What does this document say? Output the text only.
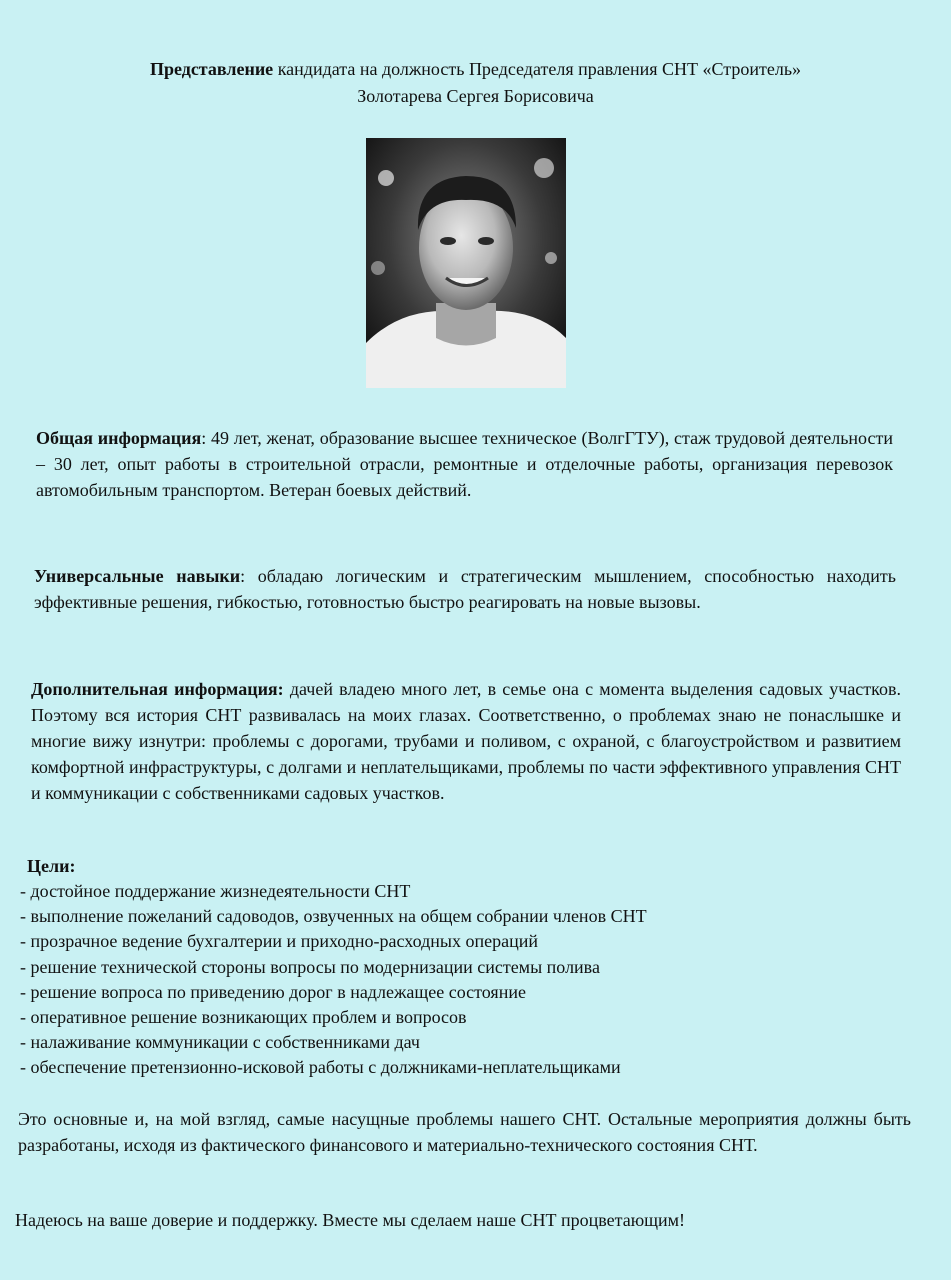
Представление кандидата на должность Председателя правления СНТ «Строитель»
Золотарева Сергея Борисовича

Общая информация: 49 лет, женат, образование высшее техническое (ВолгГТУ), стаж трудовой деятельности – 30 лет, опыт работы в строительной отрасли, ремонтные и отделочные работы, организация перевозок автомобильным транспортом. Ветеран боевых действий.

Универсальные навыки: обладаю логическим и стратегическим мышлением, способностью находить эффективные решения, гибкостью, готовностью быстро реагировать на новые вызовы.

Дополнительная информация: дачей владею много лет, в семье она с момента выделения садовых участков. Поэтому вся история СНТ развивалась на моих глазах. Соответственно, о проблемах знаю не понаслышке и многие вижу изнутри: проблемы с дорогами, трубами и поливом, с охраной, с благоустройством и развитием комфортной инфраструктуры, с долгами и неплательщиками, проблемы по части эффективного управления СНТ и коммуникации с собственниками садовых участков.

Цели:
- достойное поддержание жизнедеятельности СНТ
- выполнение пожеланий садоводов, озвученных на общем собрании членов СНТ
- прозрачное ведение бухгалтерии и приходно-расходных операций
- решение технической стороны вопросы по модернизации системы полива
- решение вопроса по приведению дорог в надлежащее состояние
- оперативное решение возникающих проблем и вопросов
- налаживание коммуникации с собственниками дач
- обеспечение претензионно-исковой работы с должниками-неплательщиками

Это основные и, на мой взгляд, самые насущные проблемы нашего СНТ. Остальные мероприятия должны быть разработаны, исходя из фактического финансового и материально-технического состояния СНТ.

Надеюсь на ваше доверие и поддержку. Вместе мы сделаем наше СНТ процветающим!
